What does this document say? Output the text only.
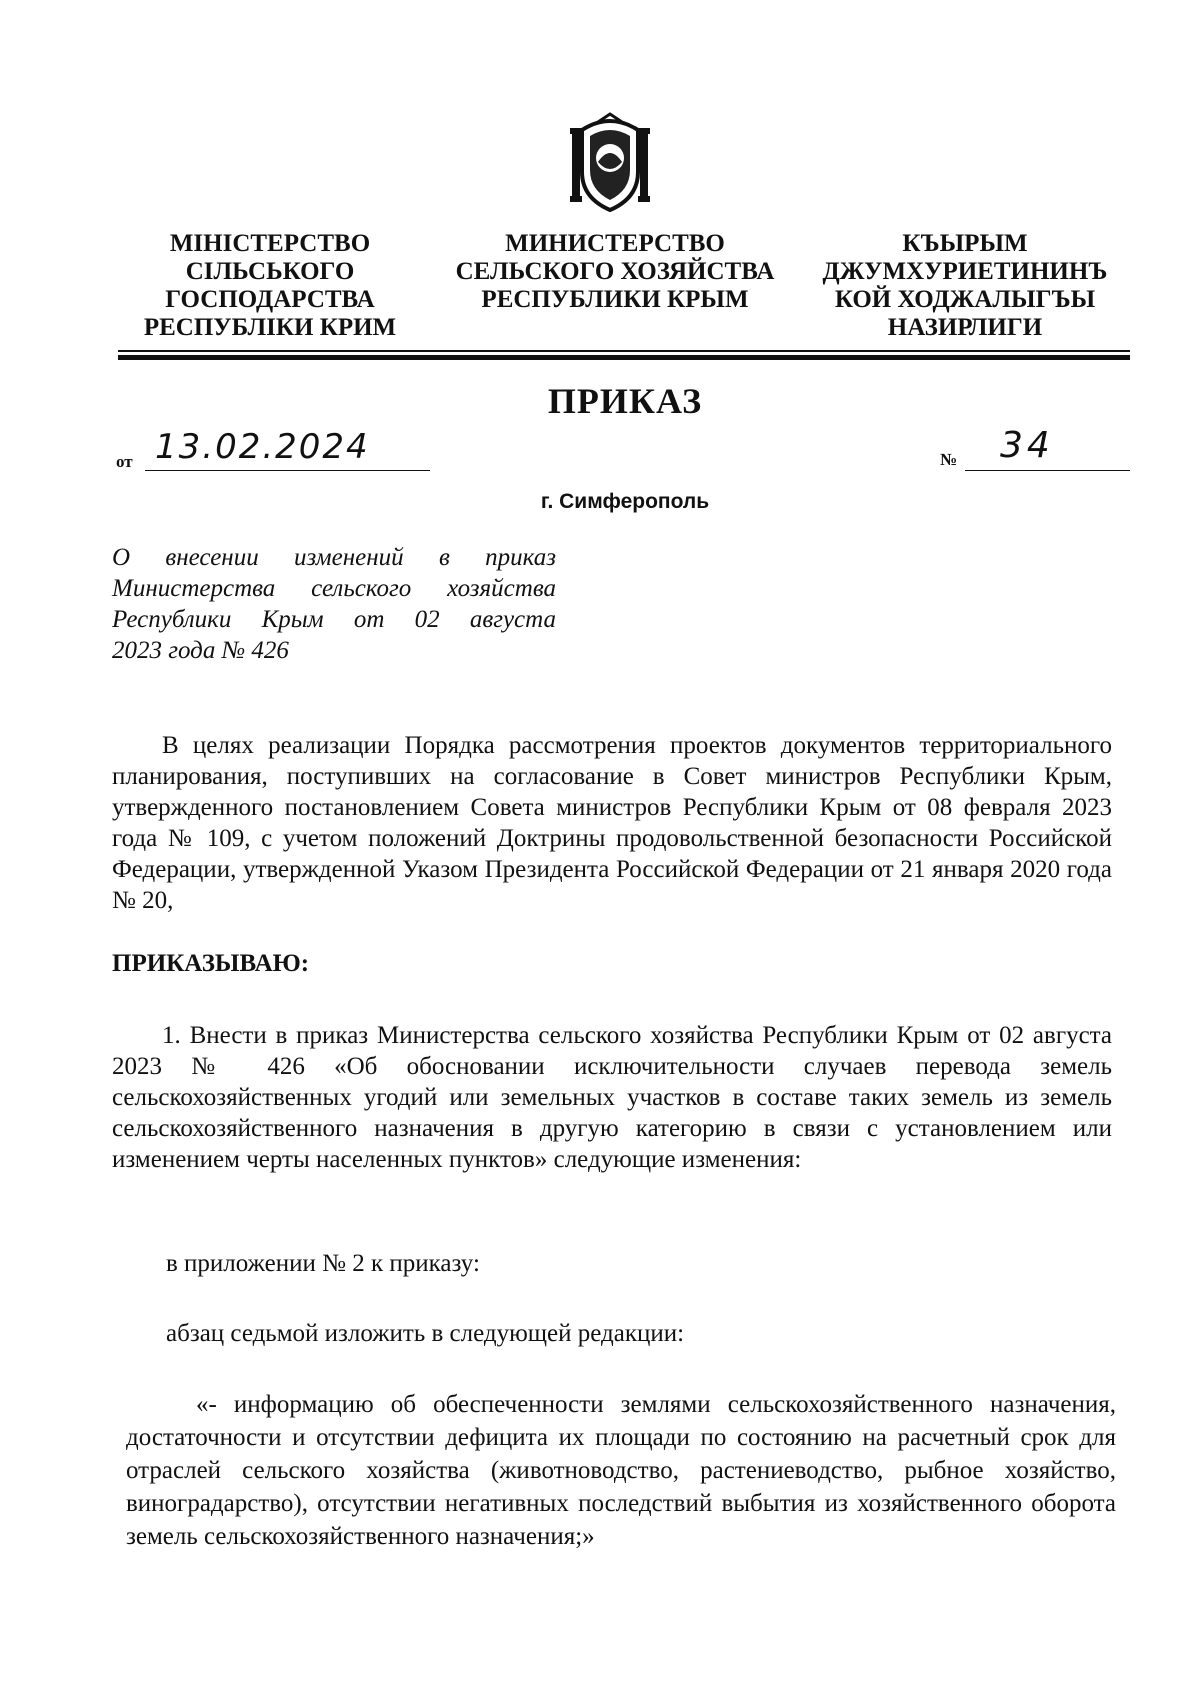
МІНІСТЕРСТВО
СІЛЬСЬКОГО
ГОСПОДАРСТВА
РЕСПУБЛІКИ КРИМ
МИНИСТЕРСТВО
СЕЛЬСКОГО ХОЗЯЙСТВА
РЕСПУБЛИКИ КРЫМ
КЪЫРЫМ
ДЖУМХУРИЕТИНИНЪ
КОЙ ХОДЖАЛЫГЪЫ
НАЗИРЛИГИ
ПРИКАЗ
от 13.02.2024	№ 34
г. Симферополь
О внесении изменений в приказ
Министерства сельского хозяйства
Республики Крым от 02 августа
2023 года № 426
В целях реализации Порядка рассмотрения проектов документов территориального планирования, поступивших на согласование в Совет министров Республики Крым, утвержденного постановлением Совета министров Республики Крым от 08 февраля 2023 года № 109, с учетом положений Доктрины продовольственной безопасности Российской Федерации, утвержденной Указом Президента Российской Федерации от 21 января 2020 года № 20,
ПРИКАЗЫВАЮ:
1. Внести в приказ Министерства сельского хозяйства Республики Крым от 02 августа 2023 № 426 «Об обосновании исключительности случаев перевода земель сельскохозяйственных угодий или земельных участков в составе таких земель из земель сельскохозяйственного назначения в другую категорию в связи с установлением или изменением черты населенных пунктов» следующие изменения:
в приложении № 2 к приказу:
абзац седьмой изложить в следующей редакции:
«- информацию об обеспеченности землями сельскохозяйственного назначения, достаточности и отсутствии дефицита их площади по состоянию на расчетный срок для отраслей сельского хозяйства (животноводство, растениеводство, рыбное хозяйство, виноградарство), отсутствии негативных последствий выбытия из хозяйственного оборота земель сельскохозяйственного назначения;»
